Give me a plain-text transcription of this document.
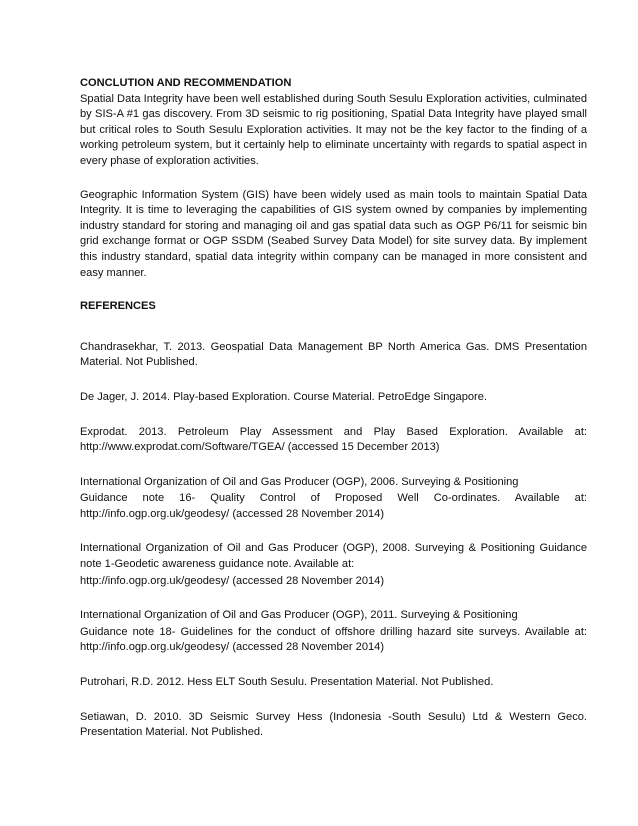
CONCLUTION AND RECOMMENDATION

Spatial Data Integrity have been well established during South Sesulu Exploration activities, culminated by SIS-A #1 gas discovery. From 3D seismic to rig positioning, Spatial Data Integrity have played small but critical roles to South Sesulu Exploration activities. It may not be the key factor to the finding of a working petroleum system, but it certainly help to eliminate uncertainty with regards to spatial aspect in every phase of exploration activities.

Geographic Information System (GIS) have been widely used as main tools to maintain Spatial Data Integrity. It is time to leveraging the capabilities of GIS system owned by companies by implementing industry standard for storing and managing oil and gas spatial data such as OGP P6/11 for seismic bin grid exchange format or OGP SSDM (Seabed Survey Data Model) for site survey data. By implement this industry standard, spatial data integrity within company can be managed in more consistent and easy manner.

REFERENCES

Chandrasekhar, T. 2013. Geospatial Data Management BP North America Gas. DMS Presentation Material. Not Published.

De Jager, J. 2014. Play-based Exploration. Course Material. PetroEdge Singapore.

Exprodat. 2013. Petroleum Play Assessment and Play Based Exploration. Available at: http://www.exprodat.com/Software/TGEA/ (accessed 15 December 2013)

International Organization of Oil and Gas Producer (OGP), 2006. Surveying & Positioning

Guidance note 16- Quality Control of Proposed Well Co-ordinates. Available at: http://info.ogp.org.uk/geodesy/ (accessed 28 November 2014)

International Organization of Oil and Gas Producer (OGP), 2008. Surveying & Positioning Guidance note 1-Geodetic awareness guidance note. Available at:

http://info.ogp.org.uk/geodesy/ (accessed 28 November 2014)

International Organization of Oil and Gas Producer (OGP), 2011. Surveying & Positioning

Guidance note 18- Guidelines for the conduct of offshore drilling hazard site surveys. Available at: http://info.ogp.org.uk/geodesy/ (accessed 28 November 2014)

Putrohari, R.D. 2012. Hess ELT South Sesulu. Presentation Material. Not Published.

Setiawan, D. 2010. 3D Seismic Survey Hess (Indonesia -South Sesulu) Ltd & Western Geco. Presentation Material. Not Published.
